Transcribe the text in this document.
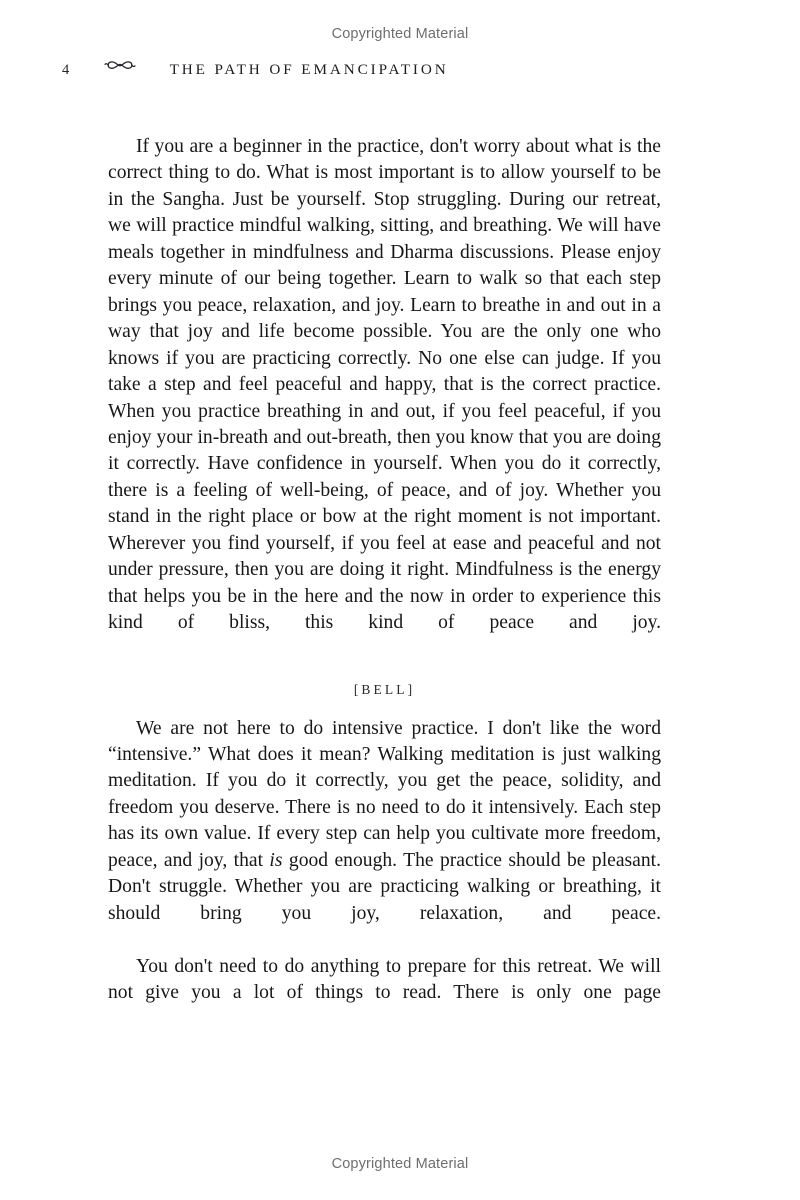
Copyrighted Material
4	THE PATH OF EMANCIPATION

If you are a beginner in the practice, don't worry about what is the correct thing to do. What is most important is to allow yourself to be in the Sangha. Just be yourself. Stop struggling. During our retreat, we will practice mindful walking, sitting, and breathing. We will have meals together in mindfulness and Dharma discussions. Please enjoy every minute of our being together. Learn to walk so that each step brings you peace, relaxation, and joy. Learn to breathe in and out in a way that joy and life become possible. You are the only one who knows if you are practicing correctly. No one else can judge. If you take a step and feel peaceful and happy, that is the correct practice. When you practice breathing in and out, if you feel peaceful, if you enjoy your in-breath and out-breath, then you know that you are doing it correctly. Have confidence in yourself. When you do it correctly, there is a feeling of well-being, of peace, and of joy. Whether you stand in the right place or bow at the right moment is not important. Wherever you find yourself, if you feel at ease and peaceful and not under pressure, then you are doing it right. Mindfulness is the energy that helps you be in the here and the now in order to experience this kind of bliss, this kind of peace and joy.

[BELL]

We are not here to do intensive practice. I don't like the word “intensive.” What does it mean? Walking meditation is just walking meditation. If you do it correctly, you get the peace, solidity, and freedom you deserve. There is no need to do it intensively. Each step has its own value. If every step can help you cultivate more freedom, peace, and joy, that is good enough. The practice should be pleasant. Don't struggle. Whether you are practicing walking or breathing, it should bring you joy, relaxation, and peace.

You don't need to do anything to prepare for this retreat. We will not give you a lot of things to read. There is only one page

Copyrighted Material
